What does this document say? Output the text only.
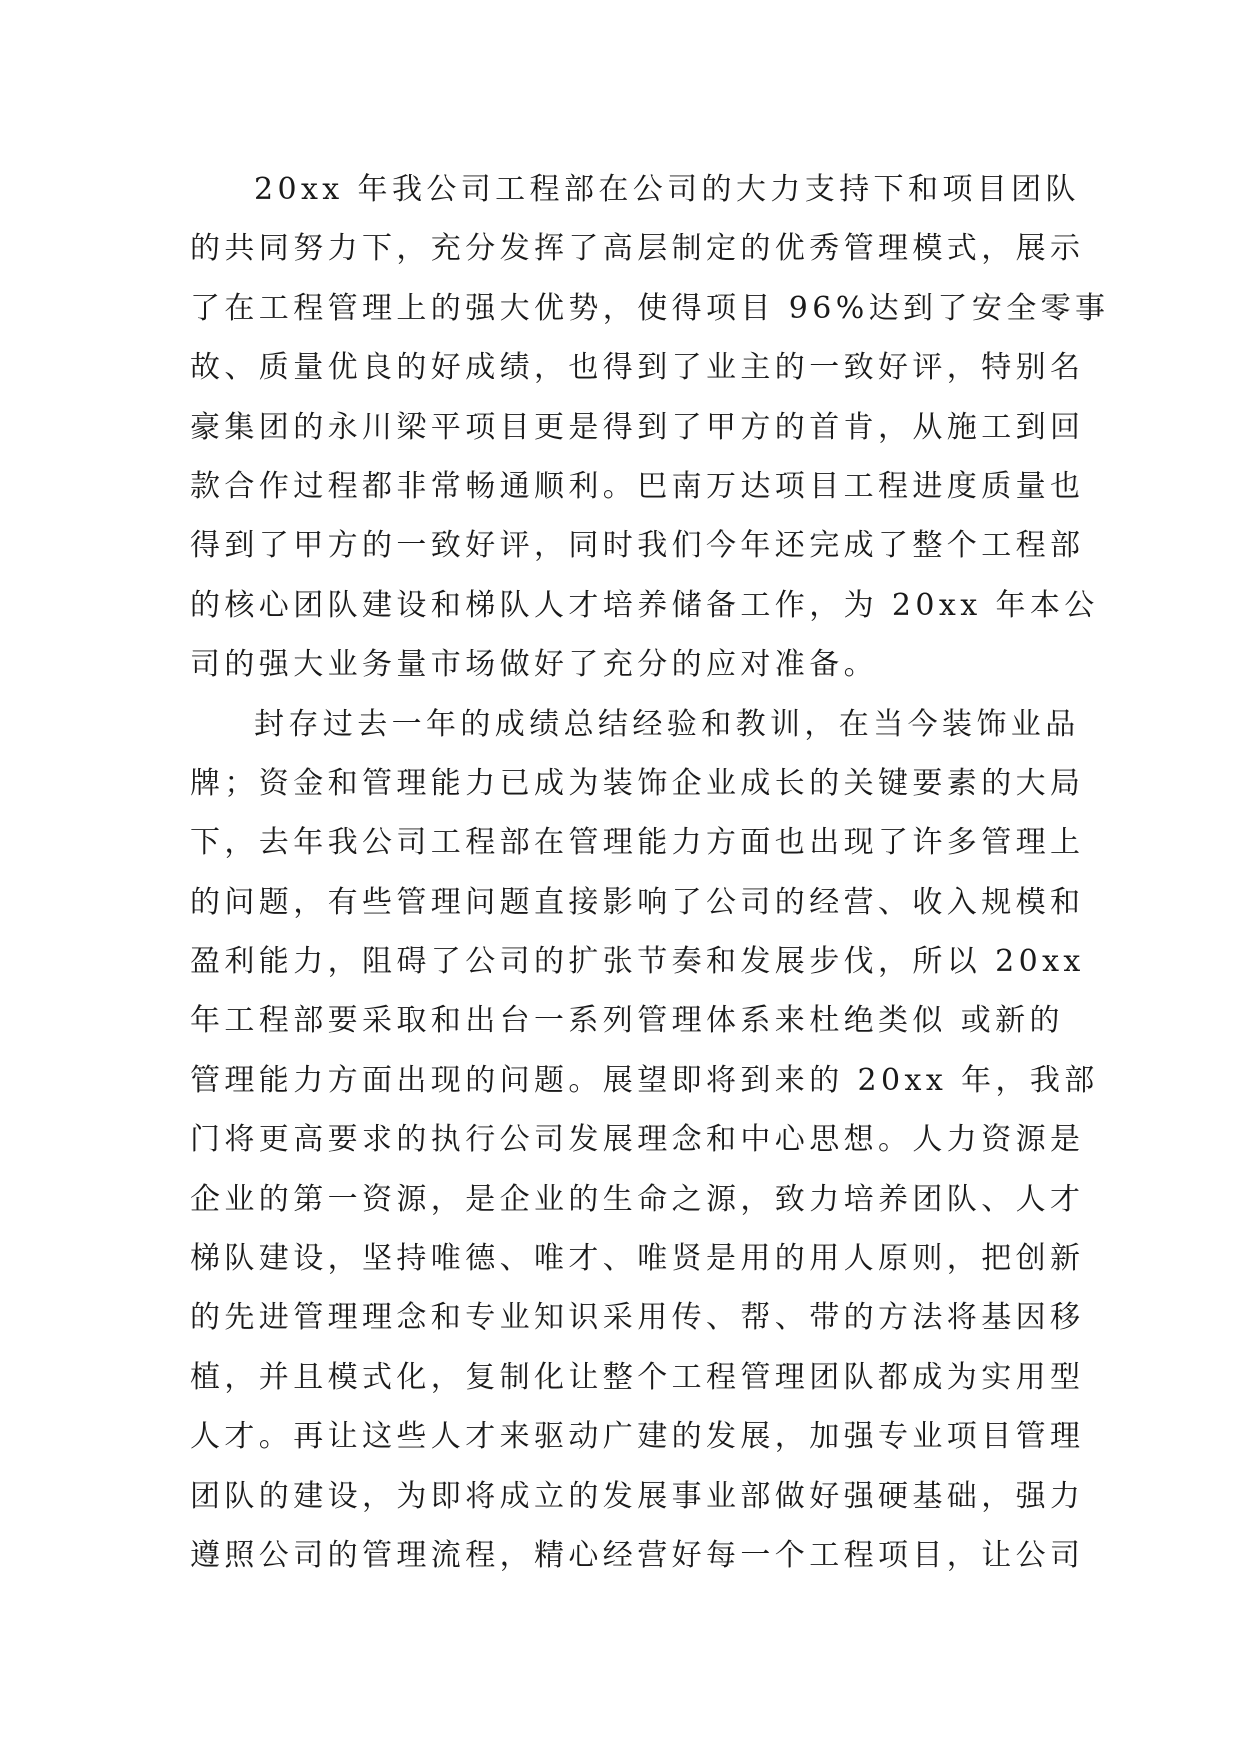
20xx 年我公司工程部在公司的大力支持下和项目团队
的共同努力下，充分发挥了高层制定的优秀管理模式，展示
了在工程管理上的强大优势，使得项目 96%达到了安全零事
故、质量优良的好成绩，也得到了业主的一致好评，特别名
豪集团的永川梁平项目更是得到了甲方的首肯，从施工到回
款合作过程都非常畅通顺利。巴南万达项目工程进度质量也
得到了甲方的一致好评，同时我们今年还完成了整个工程部
的核心团队建设和梯队人才培养储备工作，为 20xx 年本公
司的强大业务量市场做好了充分的应对准备。
封存过去一年的成绩总结经验和教训，在当今装饰业品
牌；资金和管理能力已成为装饰企业成长的关键要素的大局
下，去年我公司工程部在管理能力方面也出现了许多管理上
的问题，有些管理问题直接影响了公司的经营、收入规模和
盈利能力，阻碍了公司的扩张节奏和发展步伐，所以 20xx
年工程部要采取和出台一系列管理体系来杜绝类似 或新的
管理能力方面出现的问题。展望即将到来的 20xx 年，我部
门将更高要求的执行公司发展理念和中心思想。人力资源是
企业的第一资源，是企业的生命之源，致力培养团队、人才
梯队建设，坚持唯德、唯才、唯贤是用的用人原则，把创新
的先进管理理念和专业知识采用传、帮、带的方法将基因移
植，并且模式化，复制化让整个工程管理团队都成为实用型
人才。再让这些人才来驱动广建的发展，加强专业项目管理
团队的建设，为即将成立的发展事业部做好强硬基础，强力
遵照公司的管理流程，精心经营好每一个工程项目，让公司
